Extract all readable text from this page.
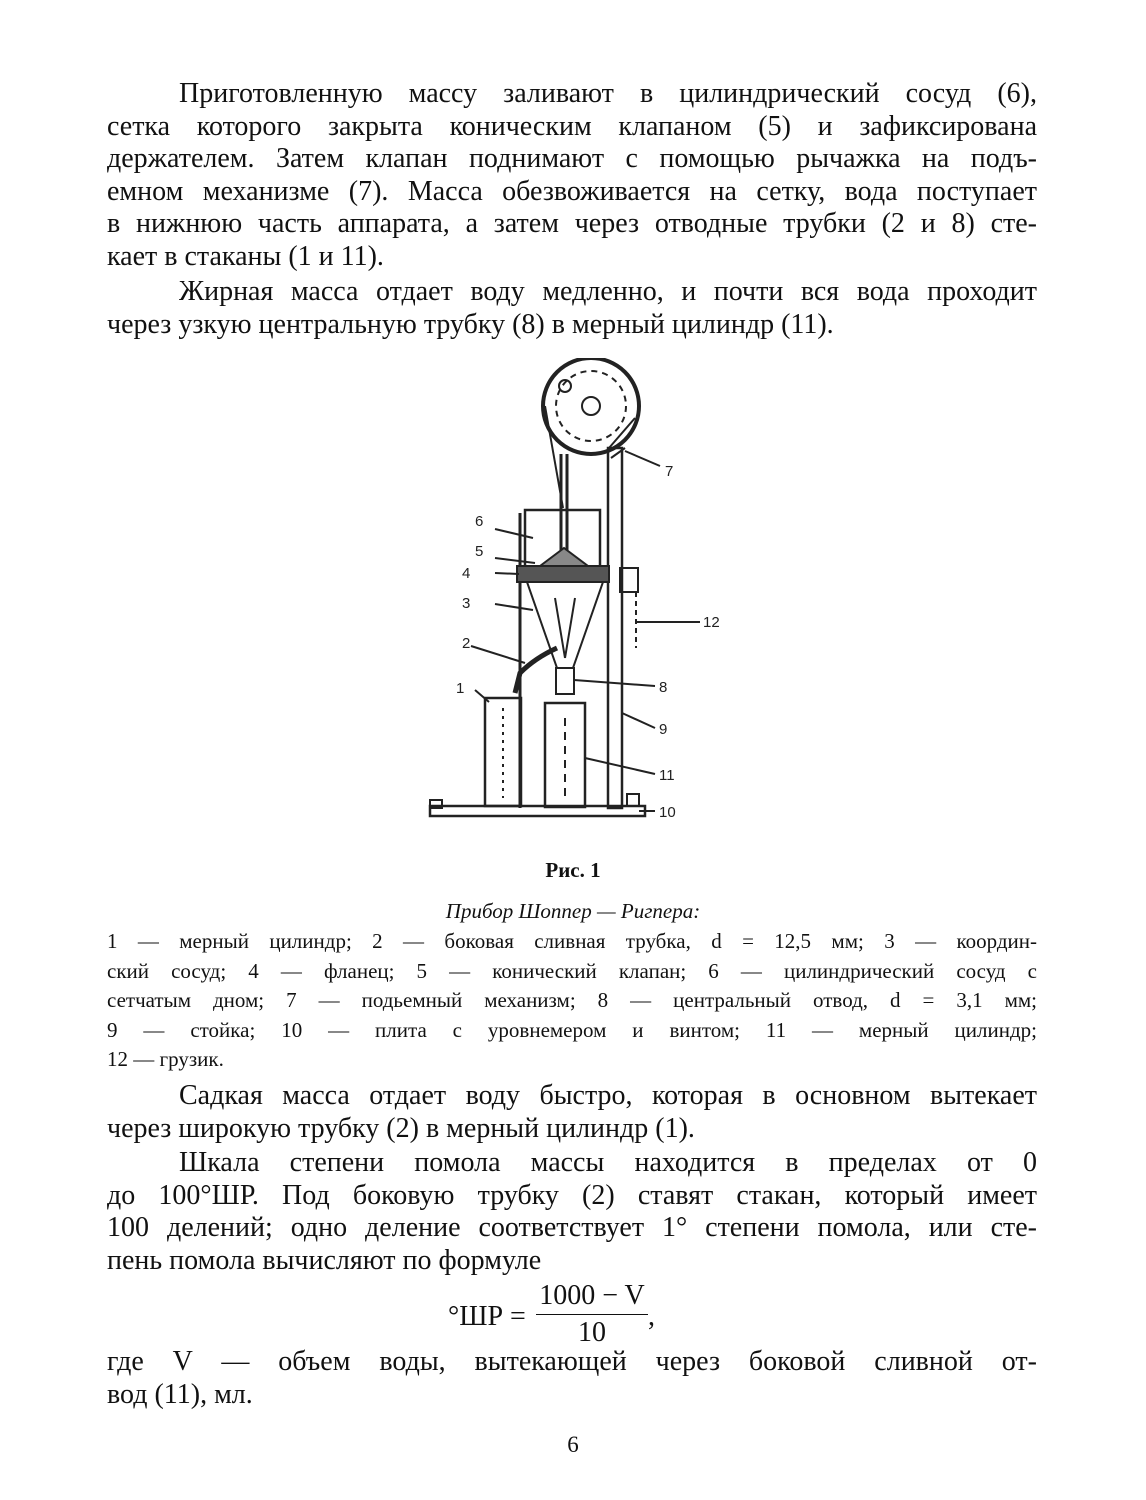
Приготовленную массу заливают в цилиндрический сосуд (6),
сетка которого закрыта коническим клапаном (5) и зафиксирована
держателем. Затем клапан поднимают с помощью рычажка на подъ-
емном механизме (7). Масса обезвоживается на сетку, вода поступает
в нижнюю часть аппарата, а затем через отводные трубки (2 и 8) сте-
кает в стаканы (1 и 11).
Жирная масса отдает воду медленно, и почти вся вода проходит
через узкую центральную трубку (8) в мерный цилиндр (11).
1
2
3
4
5
6
7
8
9
10
11
12
Рис. 1
Прибор Шоппер — Ригпера:
1 — мерный цилиндр; 2 — боковая сливная трубка, d = 12,5 мм; 3 — координ-
ский сосуд; 4 — фланец; 5 — конический клапан; 6 — цилиндрический сосуд с
сетчатым дном; 7 — подьемный механизм; 8 — центральный отвод, d = 3,1 мм;
9 — стойка; 10 — плита с уровнемером и винтом; 11 — мерный цилиндр;
12 — грузик.
Садкая масса отдает воду быстро, которая в основном вытекает
через широкую трубку (2) в мерный цилиндр (1).
Шкала степени помола массы находится в пределах от 0
до 100°ШР. Под боковую трубку (2) ставят стакан, который имеет
100 делений; одно деление соответствует 1° степени помола, или сте-
пень помола вычисляют по формуле
$^\circ ШР = \frac{1000 - V}{10}$ ,
где V — объем воды, вытекающей через боковой сливной от-
вод (11), мл.
6
